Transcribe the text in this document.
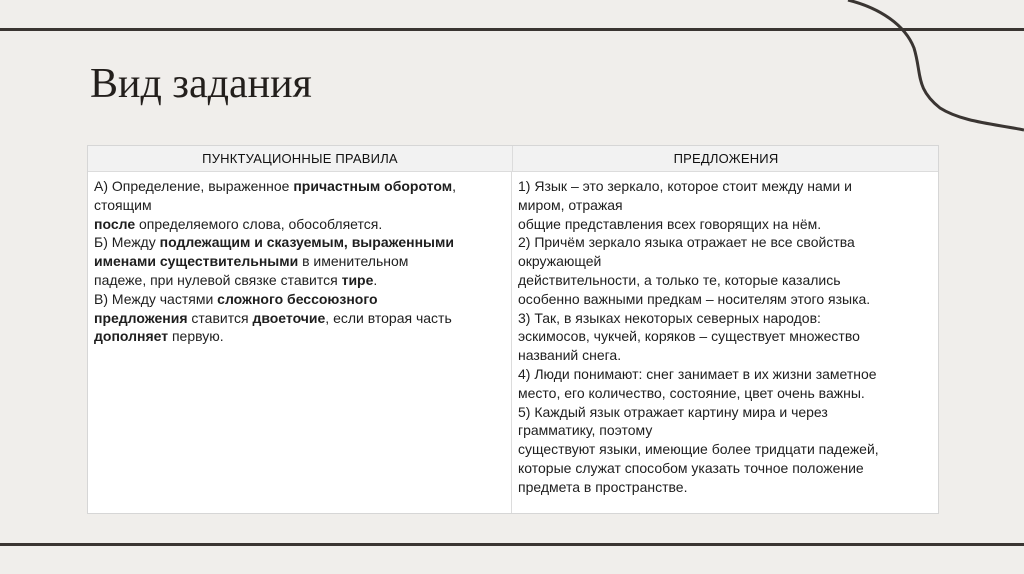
Вид задания
ПУНКТУАЦИОННЫЕ ПРАВИЛА	ПРЕДЛОЖЕНИЯ
А) Определение, выраженное причастным оборотом,
стоящим
после определяемого слова, обособляется.
Б) Между подлежащим и сказуемым, выраженными
именами существительными в именительном
падеже, при нулевой связке ставится тире.
В) Между частями сложного бессоюзного
предложения ставится двоеточие, если вторая часть
дополняет первую.
1) Язык – это зеркало, которое стоит между нами и
миром, отражая
общие представления всех говорящих на нём.
2) Причём зеркало языка отражает не все свойства
окружающей
действительности, а только те, которые казались
особенно важными предкам – носителям этого языка.
3) Так, в языках некоторых северных народов:
эскимосов, чукчей, коряков – существует множество
названий снега.
4) Люди понимают: снег занимает в их жизни заметное
место, его количество, состояние, цвет очень важны.
5) Каждый язык отражает картину мира и через
грамматику, поэтому
существуют языки, имеющие более тридцати падежей,
которые служат способом указать точное положение
предмета в пространстве.
